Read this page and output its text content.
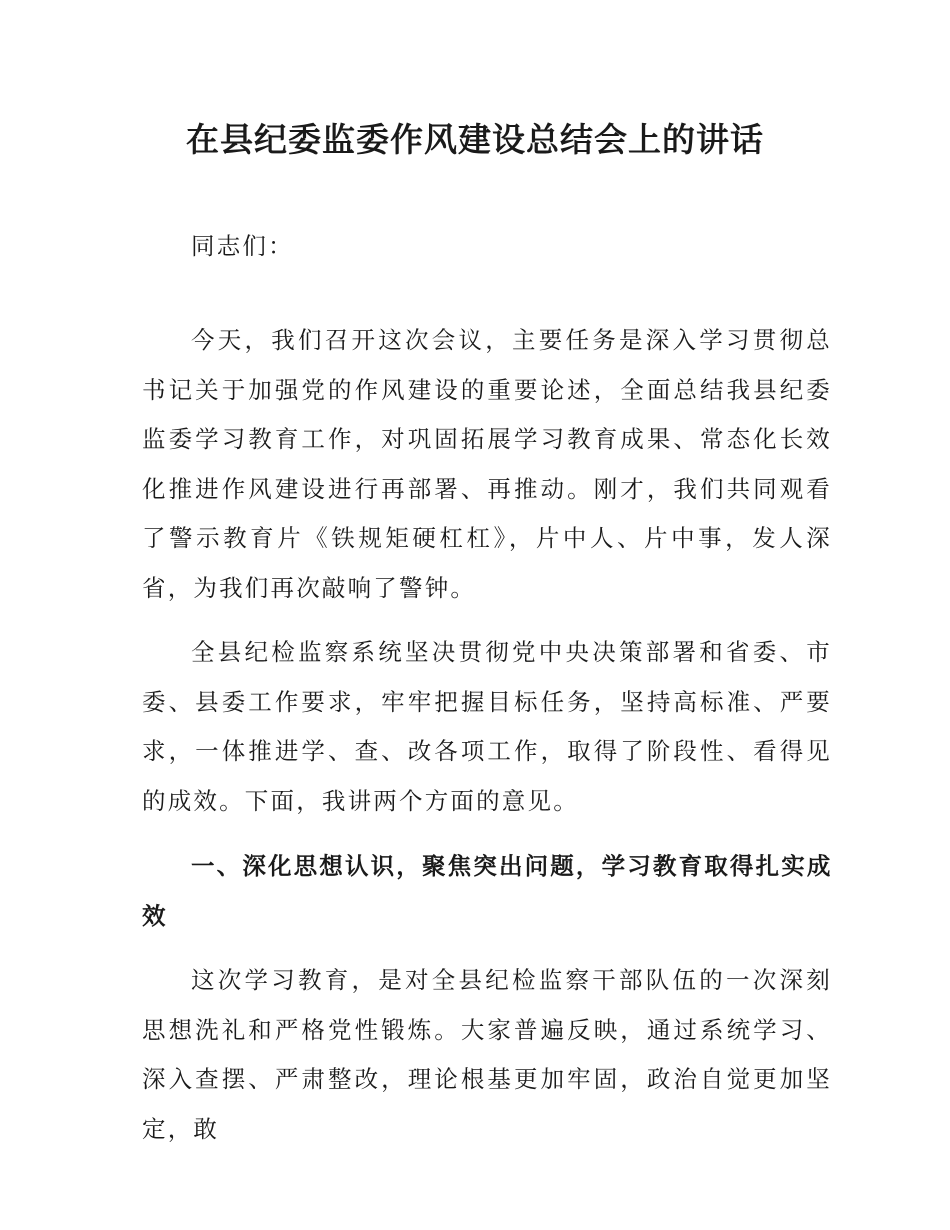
在县纪委监委作风建设总结会上的讲话

同志们：

今天，我们召开这次会议，主要任务是深入学习贯彻总书记关于加强党的作风建设的重要论述，全面总结我县纪委监委学习教育工作，对巩固拓展学习教育成果、常态化长效化推进作风建设进行再部署、再推动。刚才，我们共同观看了警示教育片《铁规矩硬杠杠》，片中人、片中事，发人深省，为我们再次敲响了警钟。

全县纪检监察系统坚决贯彻党中央决策部署和省委、市委、县委工作要求，牢牢把握目标任务，坚持高标准、严要求，一体推进学、查、改各项工作，取得了阶段性、看得见的成效。下面，我讲两个方面的意见。

一、深化思想认识，聚焦突出问题，学习教育取得扎实成效

这次学习教育，是对全县纪检监察干部队伍的一次深刻思想洗礼和严格党性锻炼。大家普遍反映，通过系统学习、深入查摆、严肃整改，理论根基更加牢固，政治自觉更加坚定，敢
